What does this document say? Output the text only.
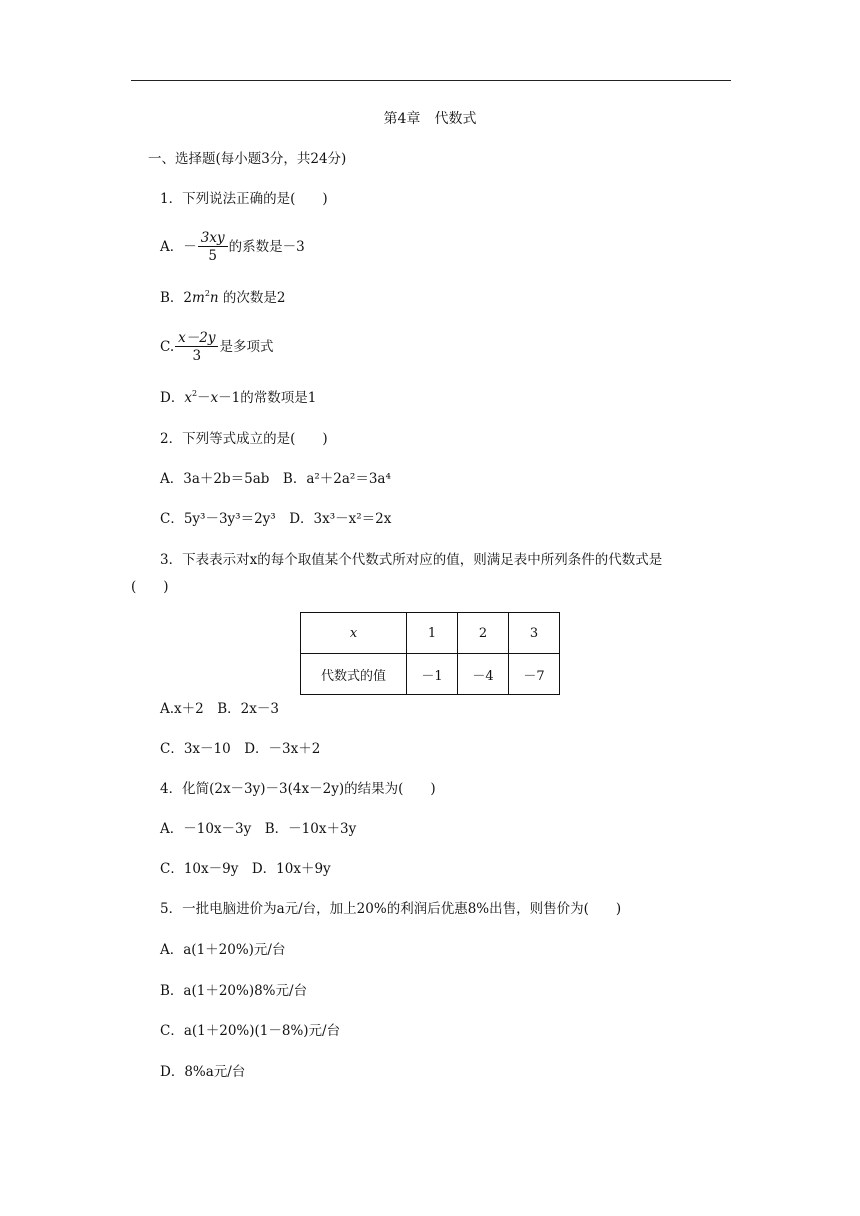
第4章　代数式
一、选择题(每小题3分，共24分)
1．下列说法正确的是(　　)
A．－ $\frac{3xy}{5}$ 的系数是－3
B．$2m^2n$ 的次数是2
C. $\frac{x-2y}{3}$ 是多项式
D．$x^2-x-1$的常数项是1
2．下列等式成立的是(　　)
A．3a＋2b＝5ab　 B．a²＋2a²＝3a⁴
C．5y³－3y³＝2y³　 D．3x³－x²＝2x
3．下表表示对x的每个取值某个代数式所对应的值，则满足表中所列条件的代数式是
(　　)
x	1	2	3
代数式的值	－1	－4	－7
A.x＋2　 B．2x－3
C．3x－10　 D．－3x＋2
4．化简(2x－3y)－3(4x－2y)的结果为(　　)
A．－10x－3y　 B．－10x＋3y
C．10x－9y　 D．10x＋9y
5．一批电脑进价为a元/台，加上20%的利润后优惠8%出售，则售价为(　　)
A．a(1＋20%)元/台
B．a(1＋20%)8%元/台
C．a(1＋20%)(1－8%)元/台
D．8%a元/台
